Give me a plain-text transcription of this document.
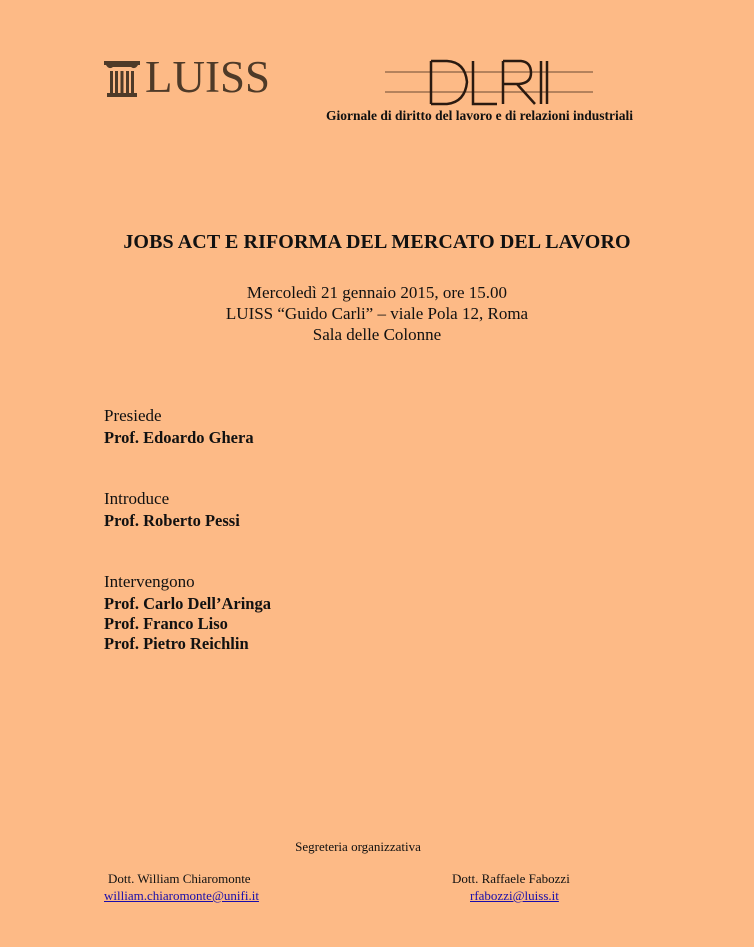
LUISS
Giornale di diritto del lavoro e di relazioni industriali
JOBS ACT E RIFORMA DEL MERCATO DEL LAVORO
Mercoledì 21 gennaio 2015, ore 15.00
LUISS “Guido Carli” – viale Pola 12, Roma
Sala delle Colonne
Presiede
Prof. Edoardo Ghera
Introduce
Prof. Roberto Pessi
Intervengono
Prof. Carlo Dell’Aringa
Prof. Franco Liso
Prof. Pietro Reichlin
Segreteria organizzativa
Dott. William Chiaromonte
william.chiaromonte@unifi.it
Dott. Raffaele Fabozzi
rfabozzi@luiss.it
